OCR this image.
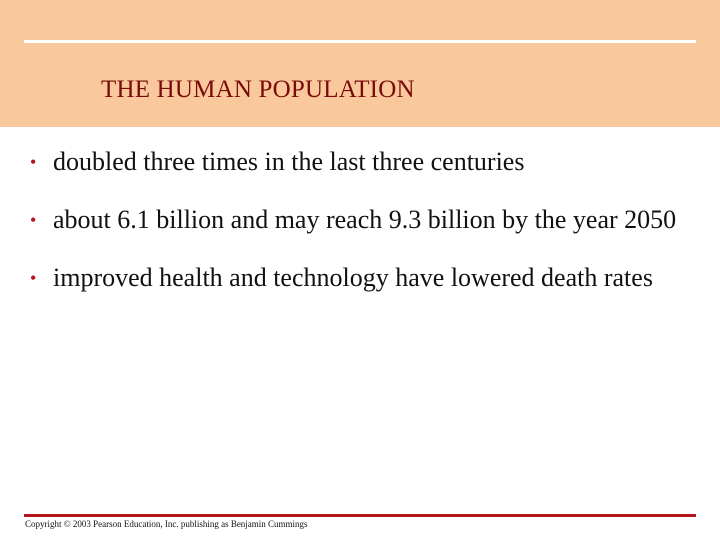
THE HUMAN POPULATION
• doubled three times in the last three centuries
• about 6.1 billion and may reach 9.3 billion by the year 2050
• improved health and technology have lowered death rates

Copyright © 2003 Pearson Education, Inc. publishing as Benjamin Cummings
